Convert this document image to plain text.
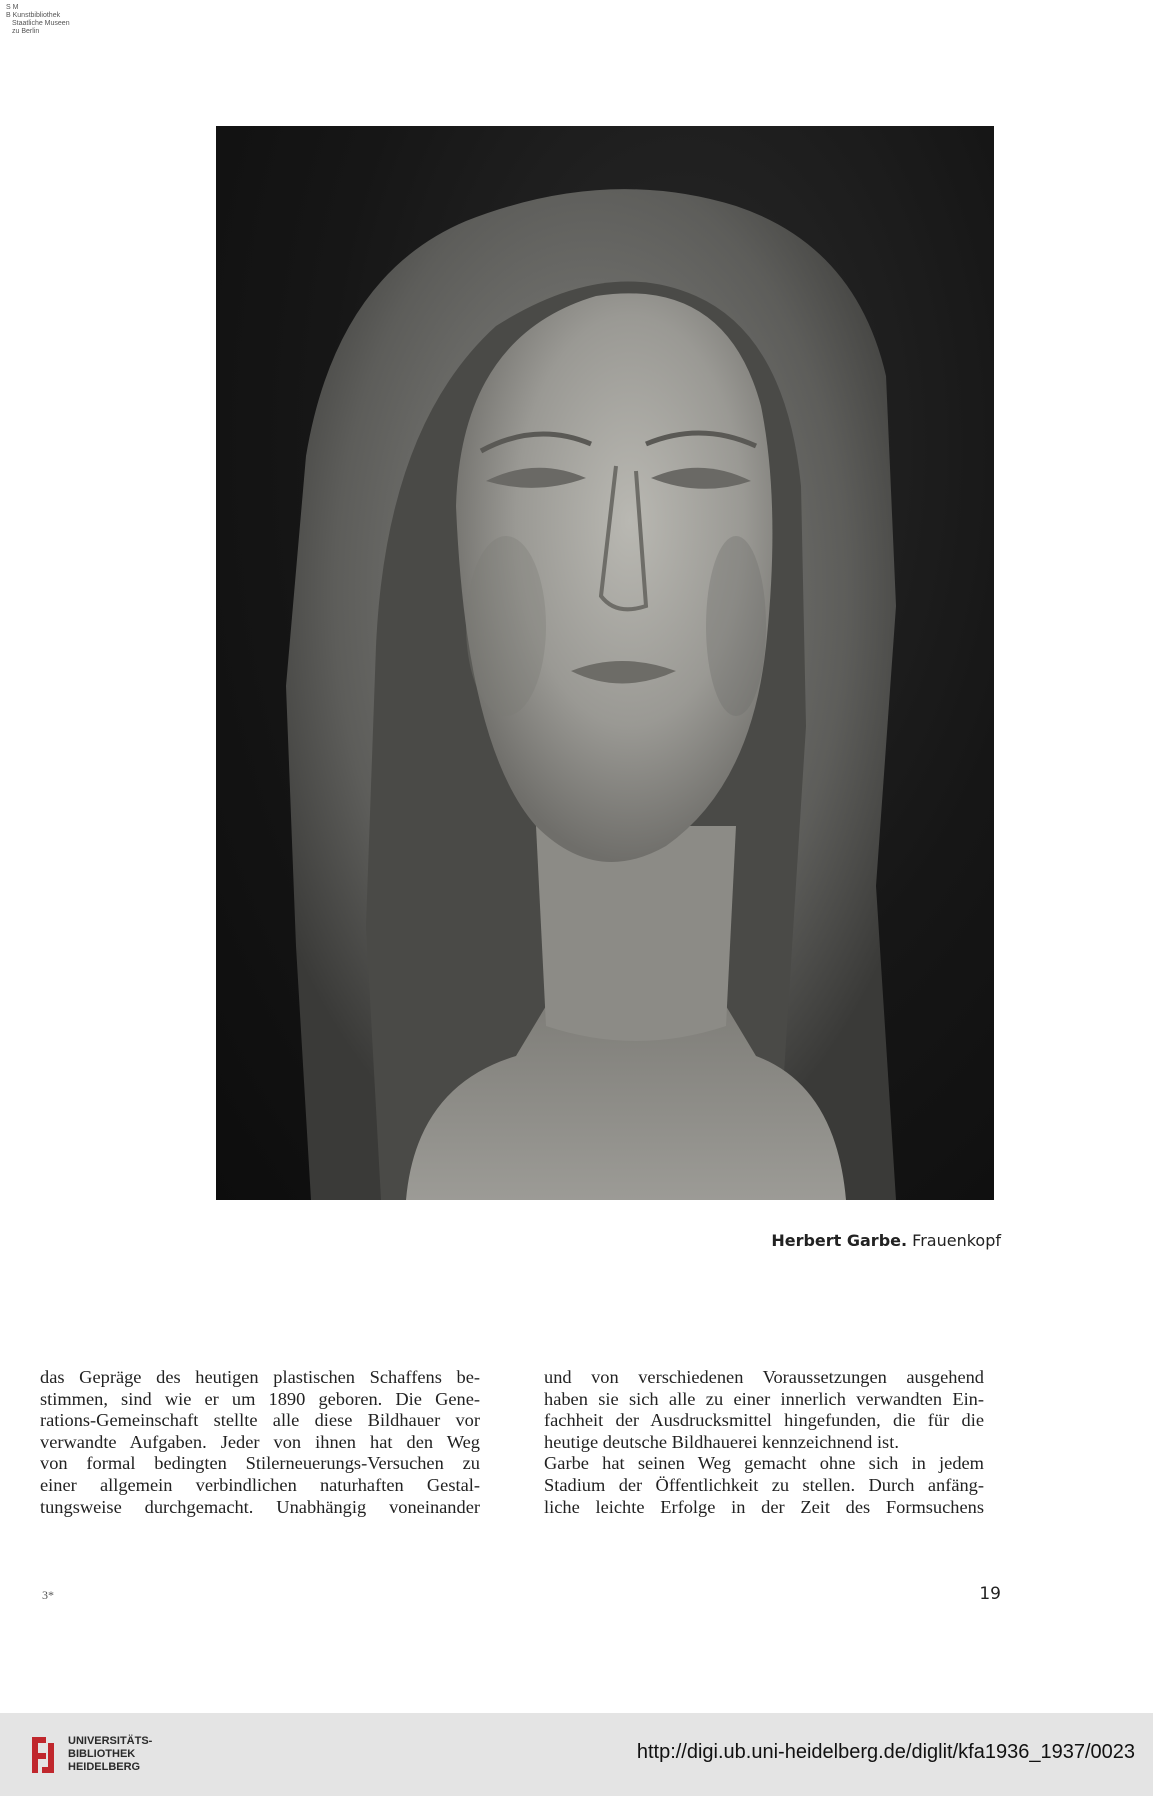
S M
B Kunstbibliothek
Staatliche Museen
zu Berlin
Herbert Garbe. Frauenkopf
das Gepräge des heutigen plastischen Schaffens be-
stimmen, sind wie er um 1890 geboren. Die Gene-
rations-Gemeinschaft stellte alle diese Bildhauer vor
verwandte Aufgaben. Jeder von ihnen hat den Weg
von formal bedingten Stilerneuerungs-Versuchen zu
einer allgemein verbindlichen naturhaften Gestal-
tungsweise durchgemacht. Unabhängig voneinander
und von verschiedenen Voraussetzungen ausgehend
haben sie sich alle zu einer innerlich verwandten Ein-
fachheit der Ausdrucksmittel hingefunden, die für die
heutige deutsche Bildhauerei kennzeichnend ist.
Garbe hat seinen Weg gemacht ohne sich in jedem
Stadium der Öffentlichkeit zu stellen. Durch anfäng-
liche leichte Erfolge in der Zeit des Formsuchens
3*	19
UNIVERSITÄTS-
BIBLIOTHEK
HEIDELBERG
http://digi.ub.uni-heidelberg.de/diglit/kfa1936_1937/0023
